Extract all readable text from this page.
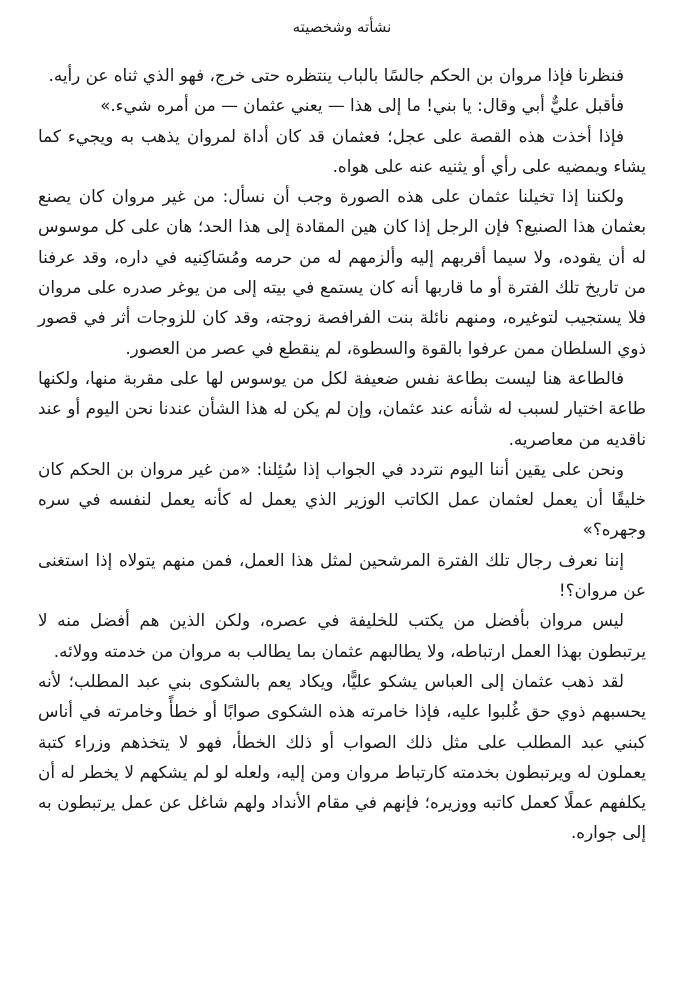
نشأته وشخصيته

فنظرنا فإذا مروان بن الحكم جالسًا بالباب ينتظره حتى خرج، فهو الذي ثناه عن رأيه.

فأقبل عليٌّ أبي وقال: يا بني! ما إلى هذا — يعني عثمان — من أمره شيء.»

فإذا أخذت هذه القصة على عجل؛ فعثمان قد كان أداة لمروان يذهب به ويجيء كما يشاء ويمضيه على رأي أو يثنيه عنه على هواه.

ولكننا إذا تخيلنا عثمان على هذه الصورة وجب أن نسأل: من غير مروان كان يصنع بعثمان هذا الصنيع؟ فإن الرجل إذا كان هين المقادة إلى هذا الحد؛ هان على كل موسوس له أن يقوده، ولا سيما أقربهم إليه وألزمهم له من حرمه ومُسَاكِنيه في داره، وقد عرفنا من تاريخ تلك الفترة أو ما قاربها أنه كان يستمع في بيته إلى من يوغر صدره على مروان فلا يستجيب لتوغيره، ومنهم نائلة بنت الفرافصة زوجته، وقد كان للزوجات أثر في قصور ذوي السلطان ممن عرفوا بالقوة والسطوة، لم ينقطع في عصر من العصور.

فالطاعة هنا ليست بطاعة نفس ضعيفة لكل من يوسوس لها على مقربة منها، ولكنها طاعة اختيار لسبب له شأنه عند عثمان، وإن لم يكن له هذا الشأن عندنا نحن اليوم أو عند ناقديه من معاصريه.

ونحن على يقين أننا اليوم نتردد في الجواب إذا سُئِلنا: «من غير مروان بن الحكم كان خليقًا أن يعمل لعثمان عمل الكاتب الوزير الذي يعمل له كأنه يعمل لنفسه في سره وجهره؟»

إننا نعرف رجال تلك الفترة المرشحين لمثل هذا العمل، فمن منهم يتولاه إذا استغنى عن مروان؟!

ليس مروان بأفضل من يكتب للخليفة في عصره، ولكن الذين هم أفضل منه لا يرتبطون بهذا العمل ارتباطه، ولا يطالبهم عثمان بما يطالب به مروان من خدمته وولائه.

لقد ذهب عثمان إلى العباس يشكو عليًّا، ويكاد يعم بالشكوى بني عبد المطلب؛ لأنه يحسبهم ذوي حق غُلبوا عليه، فإذا خامرته هذه الشكوى صوابًا أو خطأً وخامرته في أناس كبني عبد المطلب على مثل ذلك الصواب أو ذلك الخطأ، فهو لا يتخذهم وزراء كتبة يعملون له ويرتبطون بخدمته كارتباط مروان ومن إليه، ولعله لو لم يشكهم لا يخطر له أن يكلفهم عملًا كعمل كاتبه ووزيره؛ فإنهم في مقام الأنداد ولهم شاغل عن عمل يرتبطون به إلى جواره.
